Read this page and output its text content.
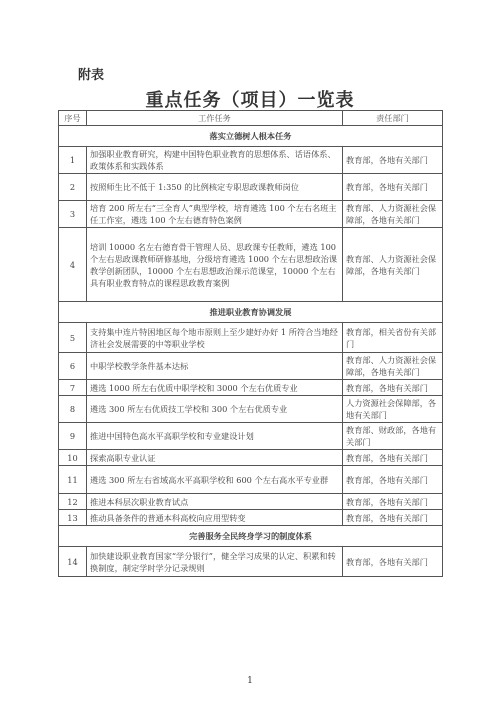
附表
重点任务（项目）一览表
序号	工作任务	责任部门
落实立德树人根本任务		
1	加强职业教育研究，构建中国特色职业教育的思想体系、话语体系、政策体系和实践体系	教育部，各地有关部门
2	按照师生比不低于 1:350 的比例核定专职思政课教师岗位	教育部，各地有关部门
3	培育 200 所左右“三全育人”典型学校，培育遴选 100 个左右名班主任工作室，遴选 100 个左右德育特色案例	教育部、人力资源社会保障部，各地有关部门
4	培训 10000 名左右德育骨干管理人员、思政课专任教师，遴选 100 个左右思政课教师研修基地，分级培育遴选 1000 个左右思想政治课教学创新团队，10000 个左右思想政治课示范课堂，10000 个左右具有职业教育特点的课程思政教育案例	教育部、人力资源社会保障部，各地有关部门
推进职业教育协调发展		
5	支持集中连片特困地区每个地市原则上至少建好办好 1 所符合当地经济社会发展需要的中等职业学校	教育部，相关省份有关部门
6	中职学校教学条件基本达标	教育部、人力资源社会保障部，各地有关部门
7	遴选 1000 所左右优质中职学校和 3000 个左右优质专业	教育部，各地有关部门
8	遴选 300 所左右优质技工学校和 300 个左右优质专业	人力资源社会保障部，各地有关部门
9	推进中国特色高水平高职学校和专业建设计划	教育部、财政部，各地有关部门
10	探索高职专业认证	教育部，各地有关部门
11	遴选 300 所左右省域高水平高职学校和 600 个左右高水平专业群	教育部，各地有关部门
12	推进本科层次职业教育试点	教育部，各地有关部门
13	推动具备条件的普通本科高校向应用型转变	教育部，各地有关部门
完善服务全民终身学习的制度体系		
14	加快建设职业教育国家“学分银行”，健全学习成果的认定、积累和转换制度，制定学时学分记录规则	教育部，各地有关部门
1
